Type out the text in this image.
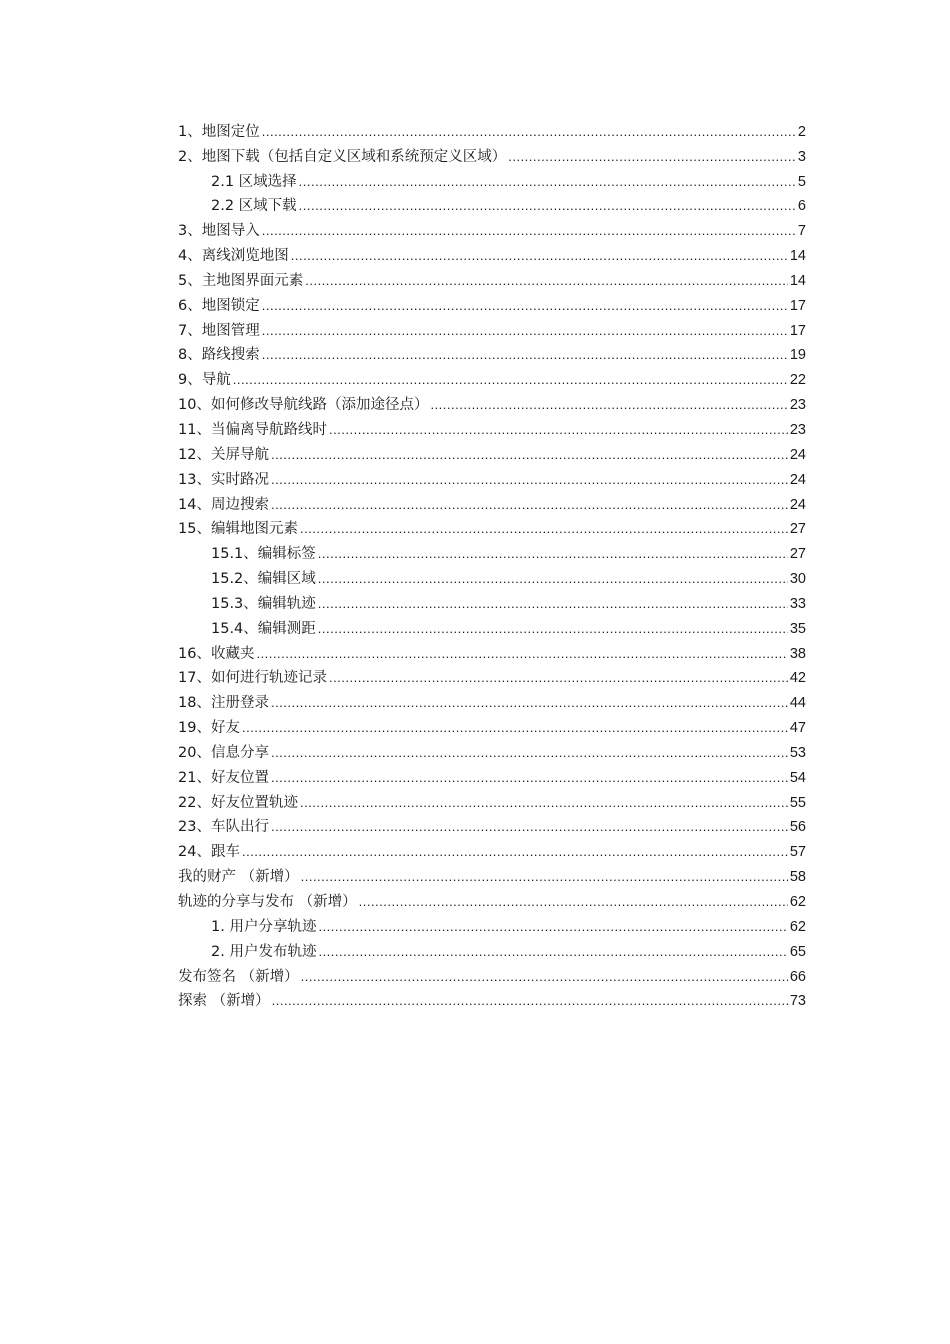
1、地图定位 .....	2
2、地图下载（包括自定义区域和系统预定义区域） .....	3
2.1 区域选择 .....	5
2.2 区域下载 .....	6
3、地图导入 .....	7
4、离线浏览地图 .....	14
5、主地图界面元素 .....	14
6、地图锁定 .....	17
7、地图管理 .....	17
8、路线搜索 .....	19
9、导航 .....	22
10、如何修改导航线路（添加途径点） .....	23
11、当偏离导航路线时 .....	23
12、关屏导航 .....	24
13、实时路况 .....	24
14、周边搜索 .....	24
15、编辑地图元素 .....	27
15.1、编辑标签 .....	27
15.2、编辑区域 .....	30
15.3、编辑轨迹 .....	33
15.4、编辑测距 .....	35
16、收藏夹 .....	38
17、如何进行轨迹记录 .....	42
18、注册登录 .....	44
19、好友 .....	47
20、信息分享 .....	53
21、好友位置 .....	54
22、好友位置轨迹 .....	55
23、车队出行 .....	56
24、跟车 .....	57
我的财产 （新增） .....	58
轨迹的分享与发布 （新增） .....	62
1. 用户分享轨迹 .....	62
2. 用户发布轨迹 .....	65
发布签名 （新增） .....	66
探索 （新增） .....	73
